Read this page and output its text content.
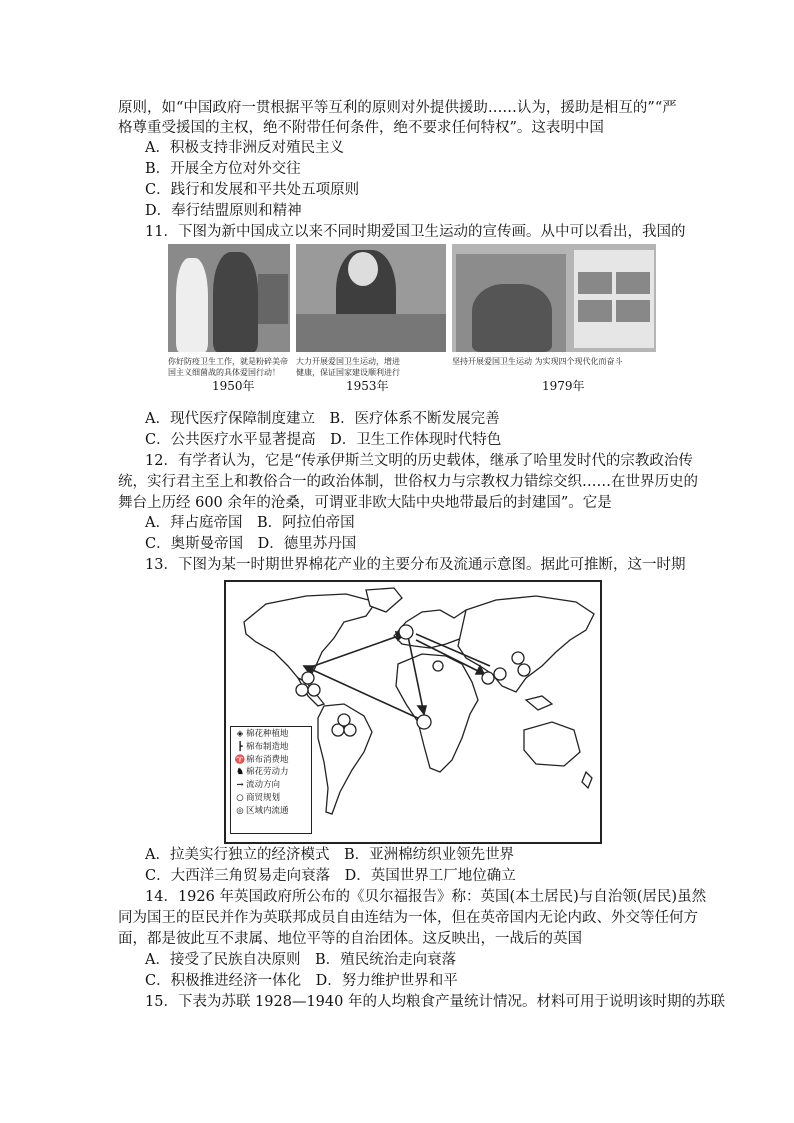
原则，如“中国政府一贯根据平等互利的原则对外提供援助……认为，援助是相互的”“严
格尊重受援国的主权，绝不附带任何条件，绝不要求任何特权”。这表明中国
A．积极支持非洲反对殖民主义
B．开展全方位对外交往
C．践行和发展和平共处五项原则
D．奉行结盟原则和精神
11．下图为新中国成立以来不同时期爱国卫生运动的宣传画。从中可以看出，我国的
你好防疫卫生工作，就是粉碎美帝国主义细菌战的具体爱国行动！
大力开展爱国卫生运动，增进健康，保证国家建设顺利进行
坚持开展爱国卫生运动 为实现四个现代化而奋斗
1950年	1953年	1979年
A．现代医疗保障制度建立　B．医疗体系不断发展完善
C．公共医疗水平显著提高　D．卫生工作体现时代特色
12．有学者认为，它是“传承伊斯兰文明的历史载体，继承了哈里发时代的宗教政治传
统，实行君主至上和教俗合一的政治体制，世俗权力与宗教权力错综交织……在世界历史的
舞台上历经 600 余年的沧桑，可谓亚非欧大陆中央地带最后的封建国”。它是
A．拜占庭帝国　B．阿拉伯帝国
C．奥斯曼帝国　D．德里苏丹国
13．下图为某一时期世界棉花产业的主要分布及流通示意图。据此可推断，这一时期
◈ 棉花种植地
┣ 棉布制造地
♈棉布消费地
♞ 棉花劳动力
→ 流动方向
○ 商贸规划
◎ 区域内流通
A．拉美实行独立的经济模式　B．亚洲棉纺织业领先世界
C．大西洋三角贸易走向衰落　D．英国世界工厂地位确立
14．1926 年英国政府所公布的《贝尔福报告》称：英国(本土居民)与自治领(居民)虽然
同为国王的臣民并作为英联邦成员自由连结为一体，但在英帝国内无论内政、外交等任何方
面，都是彼此互不隶属、地位平等的自治团体。这反映出，一战后的英国
A．接受了民族自决原则　B．殖民统治走向衰落
C．积极推进经济一体化　D．努力维护世界和平
15．下表为苏联 1928—1940 年的人均粮食产量统计情况。材料可用于说明该时期的苏联
